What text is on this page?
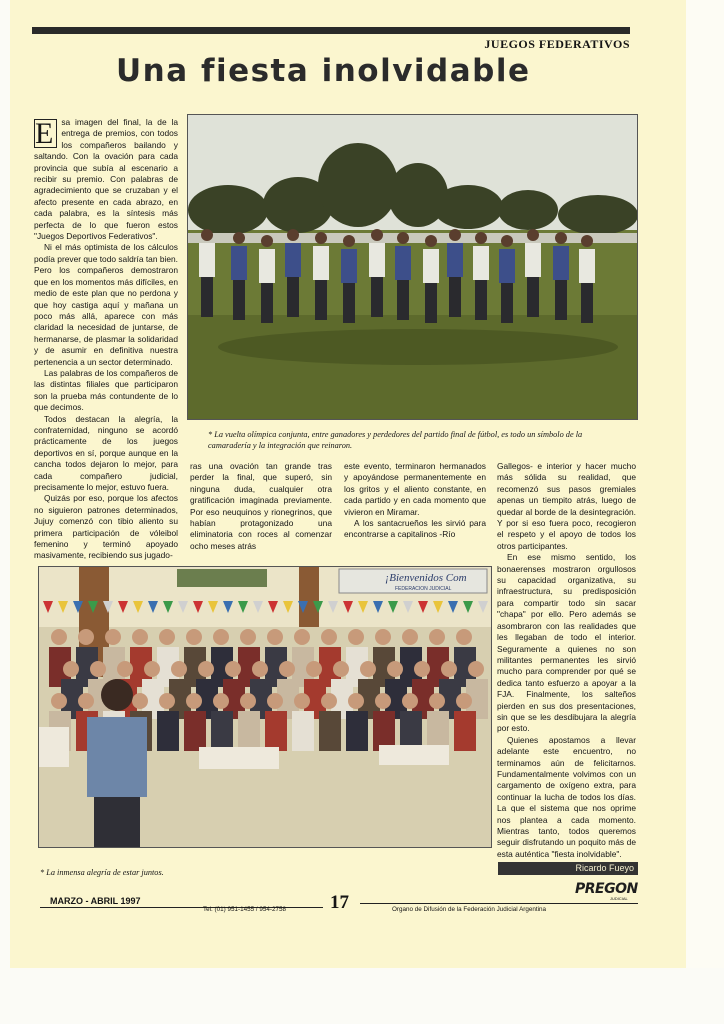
JUEGOS FEDERATIVOS
Una fiesta inolvidable

E sa imagen del final, la de la entrega de premios, con todos los compañeros bailando y saltando. Con la ovación para cada provincia que subía al escenario a recibir su premio. Con palabras de agradecimiento que se cruzaban y el afecto presente en cada abrazo, en cada palabra, es la síntesis más perfecta de lo que fueron estos "Juegos Deportivos Federativos".

Ni el más optimista de los cálculos podía prever que todo saldría tan bien. Pero los compañeros demostraron que en los momentos más difíciles, en medio de este plan que no perdona y que hoy castiga aquí y mañana un poco más allá, aparece con más claridad la necesidad de juntarse, de hermanarse, de plasmar la solidaridad y de asumir en definitiva nuestra pertenencia a un sector determinado.

Las palabras de los compañeros de las distintas filiales que participaron son la prueba más contundente de lo que decimos.

Todos destacan la alegría, la confraternidad, ninguno se acordó prácticamente de los juegos deportivos en sí, porque aunque en la cancha todos dejaron lo mejor, para cada compañero judicial, precisamente lo mejor, estuvo fuera.

Quizás por eso, porque los afectos no siguieron patrones determinados, Jujuy comenzó con tibio aliento su primera participación de vóleibol femenino y terminó apoyado masivamente, recibiendo sus jugado-

* La vuelta olímpica conjunta, entre ganadores y perdedores del partido final de fútbol, es todo un símbolo de la camaradería y la integración que reinaron.

ras una ovación tan grande tras perder la final, que superó, sin ninguna duda, cualquier otra gratificación imaginada previamente. Por eso neuquinos y rionegrinos, que habían protagonizado una eliminatoria con roces al comenzar ocho meses atrás

este evento, terminaron hermanados y apoyándose permanentemente en los gritos y el aliento constante, en cada partido y en cada momento que vivieron en Miramar.

A los santacrueños les sirvió para encontrarse a capitalinos -Río

Gallegos- e interior y hacer mucho más sólida su realidad, que recomenzó sus pasos gremiales apenas un tiempito atrás, luego de quedar al borde de la desintegración. Y por si eso fuera poco, recogieron el respeto y el apoyo de todos los otros participantes.

En ese mismo sentido, los bonaerenses mostraron orgullosos su capacidad organizativa, su infraestructura, su predisposición para compartir todo sin sacar "chapa" por ello. Pero además se asombraron con las realidades que les llegaban de todo el interior. Seguramente a quienes no son militantes permanentes les sirvió mucho para comprender por qué se dedica tanto esfuerzo a apoyar a la FJA. Finalmente, los salteños pierden en sus dos presentaciones, sin que se les desdibujara la alegría por esto.

Quienes apostamos a llevar adelante este encuentro, no terminamos aún de felicitarnos. Fundamentalmente volvimos con un cargamento de oxígeno extra, para continuar la lucha de todos los días. La que el sistema que nos oprime nos plantea a cada momento. Mientras tanto, todos queremos seguir disfrutando un poquito más de esta auténtica "fiesta inolvidable".

¡Bienvenidos Com
FEDERACION JUDICIAL
* La inmensa alegría de estar juntos.	Ricardo Fueyo
MARZO - ABRIL 1997
Tel. (01) 951-1455 / 954-2758 17	Organo de Difusión de la Federación Judicial Argentina
PREGON
JUDICIAL
